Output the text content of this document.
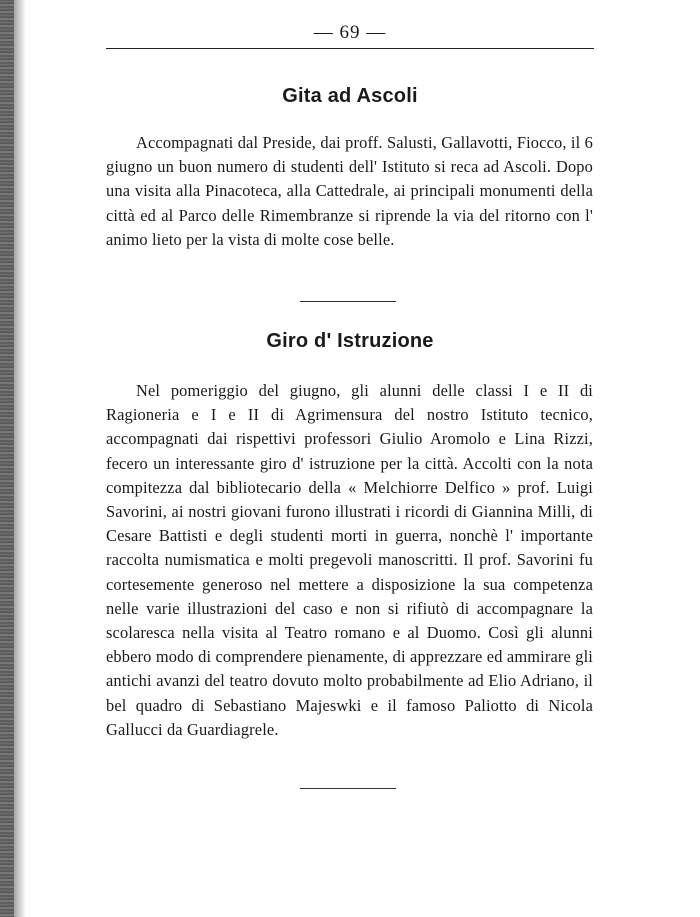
— 69 —
Gita ad Ascoli

Accompagnati dal Preside, dai proff. Salusti, Gallavotti, Fiocco, il 6 giugno un buon numero di studenti dell' Istituto si reca ad Ascoli. Dopo una visita alla Pinacoteca, alla Cattedrale, ai principali monumenti della città ed al Parco delle Rimembranze si riprende la via del ritorno con l' animo lieto per la vista di molte cose belle.

Giro d' Istruzione

Nel pomeriggio del giugno, gli alunni delle classi I e II di Ragioneria e I e II di Agrimensura del nostro Istituto tecnico, accompagnati dai rispettivi professori Giulio Aromolo e Lina Rizzi, fecero un interessante giro d' istruzione per la città. Accolti con la nota compitezza dal bibliotecario della « Melchiorre Delfico » prof. Luigi Savorini, ai nostri giovani furono illustrati i ricordi di Giannina Milli, di Cesare Battisti e degli studenti morti in guerra, nonchè l' importante raccolta numismatica e molti pregevoli manoscritti. Il prof. Savorini fu cortesemente generoso nel mettere a disposizione la sua competenza nelle varie illustrazioni del caso e non si rifiutò di accompagnare la scolaresca nella visita al Teatro romano e al Duomo. Così gli alunni ebbero modo di comprendere pienamente, di apprezzare ed ammirare gli antichi avanzi del teatro dovuto molto probabilmente ad Elio Adriano, il bel quadro di Sebastiano Majeswki e il famoso Paliotto di Nicola Gallucci da Guardiagrele.
